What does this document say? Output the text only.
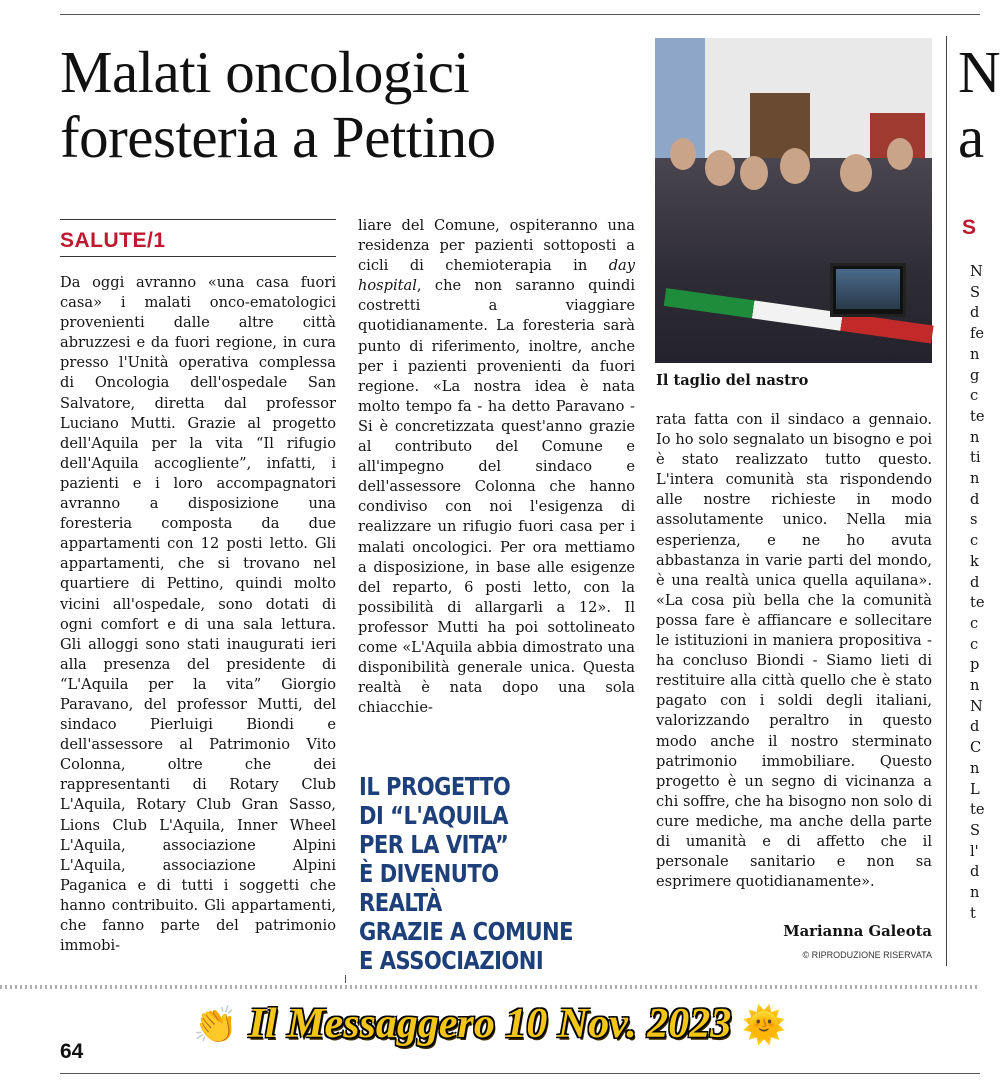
Malati oncologici
foresteria a Pettino
SALUTE/1

Da oggi avranno «una casa fuori casa» i malati onco-ematologici provenienti dalle altre città abruzzesi e da fuori regione, in cura presso l'Unità operativa complessa di Oncologia dell'ospedale San Salvatore, diretta dal professor Luciano Mutti. Grazie al progetto dell'Aquila per la vita “Il rifugio dell'Aquila accogliente”, infatti, i pazienti e i loro accompagnatori avranno a disposizione una foresteria composta da due appartamenti con 12 posti letto. Gli appartamenti, che si trovano nel quartiere di Pettino, quindi molto vicini all'ospedale, sono dotati di ogni comfort e di una sala lettura. Gli alloggi sono stati inaugurati ieri alla presenza del presidente di “L'Aquila per la vita” Giorgio Paravano, del professor Mutti, del sindaco Pierluigi Biondi e dell'assessore al Patrimonio Vito Colonna, oltre che dei rappresentanti di Rotary Club L'Aquila, Rotary Club Gran Sasso, Lions Club L'Aquila, Inner Wheel L'Aquila, associazione Alpini L'Aquila, associazione Alpini Paganica e di tutti i soggetti che hanno contribuito. Gli appartamenti, che fanno parte del patrimonio immobi-

liare del Comune, ospiteranno una residenza per pazienti sottoposti a cicli di chemioterapia in day hospital, che non saranno quindi costretti a viaggiare quotidianamente. La foresteria sarà punto di riferimento, inoltre, anche per i pazienti provenienti da fuori regione. «La nostra idea è nata molto tempo fa - ha detto Paravano - Si è concretizzata quest'anno grazie al contributo del Comune e all'impegno del sindaco e dell'assessore Colonna che hanno condiviso con noi l'esigenza di realizzare un rifugio fuori casa per i malati oncologici. Per ora mettiamo a disposizione, in base alle esigenze del reparto, 6 posti letto, con la possibilità di allargarli a 12». Il professor Mutti ha poi sottolineato come «L'Aquila abbia dimostrato una disponibilità generale unica. Questa realtà è nata dopo una sola chiacchie-

IL PROGETTO
DI “L'AQUILA
PER LA VITA”
È DIVENUTO REALTÀ
GRAZIE A COMUNE
E ASSOCIAZIONI
Il taglio del nastro

rata fatta con il sindaco a gennaio. Io ho solo segnalato un bisogno e poi è stato realizzato tutto questo. L'intera comunità sta rispondendo alle nostre richieste in modo assolutamente unico. Nella mia esperienza, e ne ho avuta abbastanza in varie parti del mondo, è una realtà unica quella aquilana». «La cosa più bella che la comunità possa fare è affiancare e sollecitare le istituzioni in maniera propositiva - ha concluso Biondi - Siamo lieti di restituire alla città quello che è stato pagato con i soldi degli italiani, valorizzando peraltro in questo modo anche il nostro sterminato patrimonio immobiliare. Questo progetto è un segno di vicinanza a chi soffre, che ha bisogno non solo di cure mediche, ma anche della parte di umanità e di affetto che il personale sanitario e non sa esprimere quotidianamente».

Marianna Galeota
© RIPRODUZIONE RISERVATA
N
a
S
N
S
d
fe
n
g
c
te
n
ti
n
d
s
c
k
d
te
c
c
p
n
N
d
C
n
L
te
S
l'
d
n
t
👏 Il Messaggero 10 Nov. 2023 🌞
64
